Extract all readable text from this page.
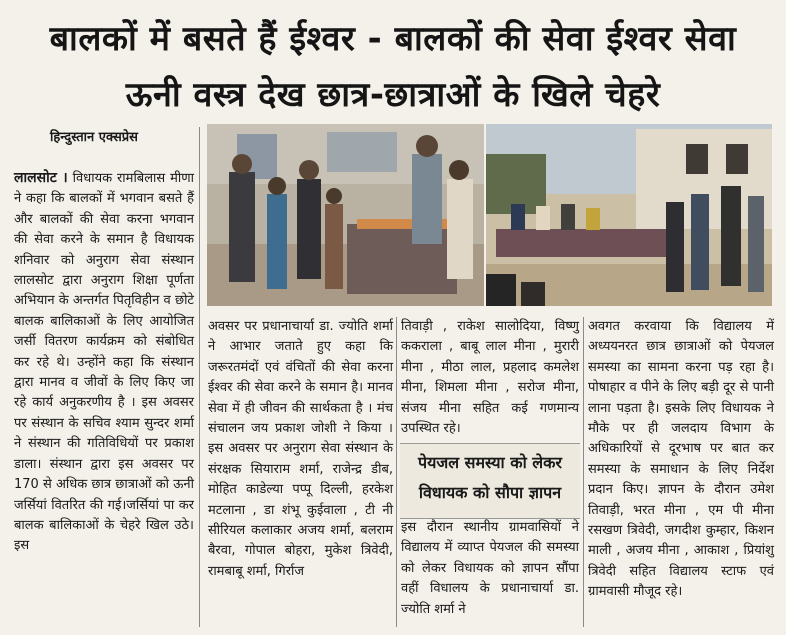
बालकों में बसते हैं ईश्वर - बालकों की सेवा ईश्वर सेवा
ऊनी वस्त्र देख छात्र-छात्राओं के खिले चेहरे
हिन्दुस्तान एक्सप्रेस

लालसोट । विधायक रामबिलास मीणा ने कहा कि बालकों में भगवान बसते हैं और बालकों की सेवा करना भगवान की सेवा करने के समान है विधायक शनिवार को अनुराग सेवा संस्थान लालसोट द्वारा अनुराग शिक्षा पूर्णता अभियान के अन्तर्गत पितृविहीन व छोटे बालक बालिकाओं के लिए आयोजित जर्सी वितरण कार्यक्रम को संबोधित कर रहे थे। उन्होंने कहा कि संस्थान द्वारा मानव व जीवों के लिए किए जा रहे कार्य अनुकरणीय है । इस अवसर पर संस्थान के सचिव श्याम सुन्दर शर्मा ने संस्थान की गतिविधियों पर प्रकाश डाला। संस्थान द्वारा इस अवसर पर 170 से अधिक छात्र छात्राओं को ऊनी जर्सियां वितरित की गई।जर्सियां पा कर बालक बालिकाओं के चेहरे खिल उठे।इस

अवसर पर प्रधानाचार्या डा. ज्योति शर्मा ने आभार जताते हुए कहा कि जरूरतमंदों एवं वंचितों की सेवा करना ईश्वर की सेवा करने के समान है। मानव सेवा में ही जीवन की सार्थकता है । मंच संचालन जय प्रकाश जोशी ने किया । इस अवसर पर अनुराग सेवा संस्थान के संरक्षक सियाराम शर्मा, राजेन्द्र डीब, मोहित काडेल्या पप्पू दिल्ली, हरकेश मटलाना , डा शंभू कुईवाला , टी नी सीरियल कलाकार अजय शर्मा, बलराम बैरवा, गोपाल बोहरा, मुकेश त्रिवेदी, रामबाबू शर्मा, गिर्राज
तिवाड़ी , राकेश सालोदिया, विष्णु ककराला , बाबू लाल मीना , मुरारी मीना , मीठा लाल, प्रहलाद कमलेश मीना, शिमला मीना , सरोज मीना, संजय मीना सहित कई गणमान्य उपस्थित रहे।
पेयजल समस्या को लेकर विधायक को सौपा ज्ञापन
इस दौरान स्थानीय ग्रामवासियों ने विद्यालय में व्याप्त पेयजल की समस्या को लेकर विधायक को ज्ञापन सौंपा वहीं विधालय के प्रधानाचार्या डा. ज्योति शर्मा ने
अवगत करवाया कि विद्यालय में अध्ययनरत छात्र छात्राओं को पेयजल समस्या का सामना करना पड़ रहा है। पोषाहार व पीने के लिए बड़ी दूर से पानी लाना पड़ता है। इसके लिए विधायक ने मौके पर ही जलदाय विभाग के अधिकारियों से दूरभाष पर बात कर समस्या के समाधान के लिए निर्देश प्रदान किए। ज्ञापन के दौरान उमेश तिवाड़ी, भरत मीना , एम पी मीना रसखण त्रिवेदी, जगदीश कुम्हार, किशन माली , अजय मीना , आकाश , प्रियांशु त्रिवेदी सहित विद्यालय स्टाफ एवं ग्रामवासी मौजूद रहे।
